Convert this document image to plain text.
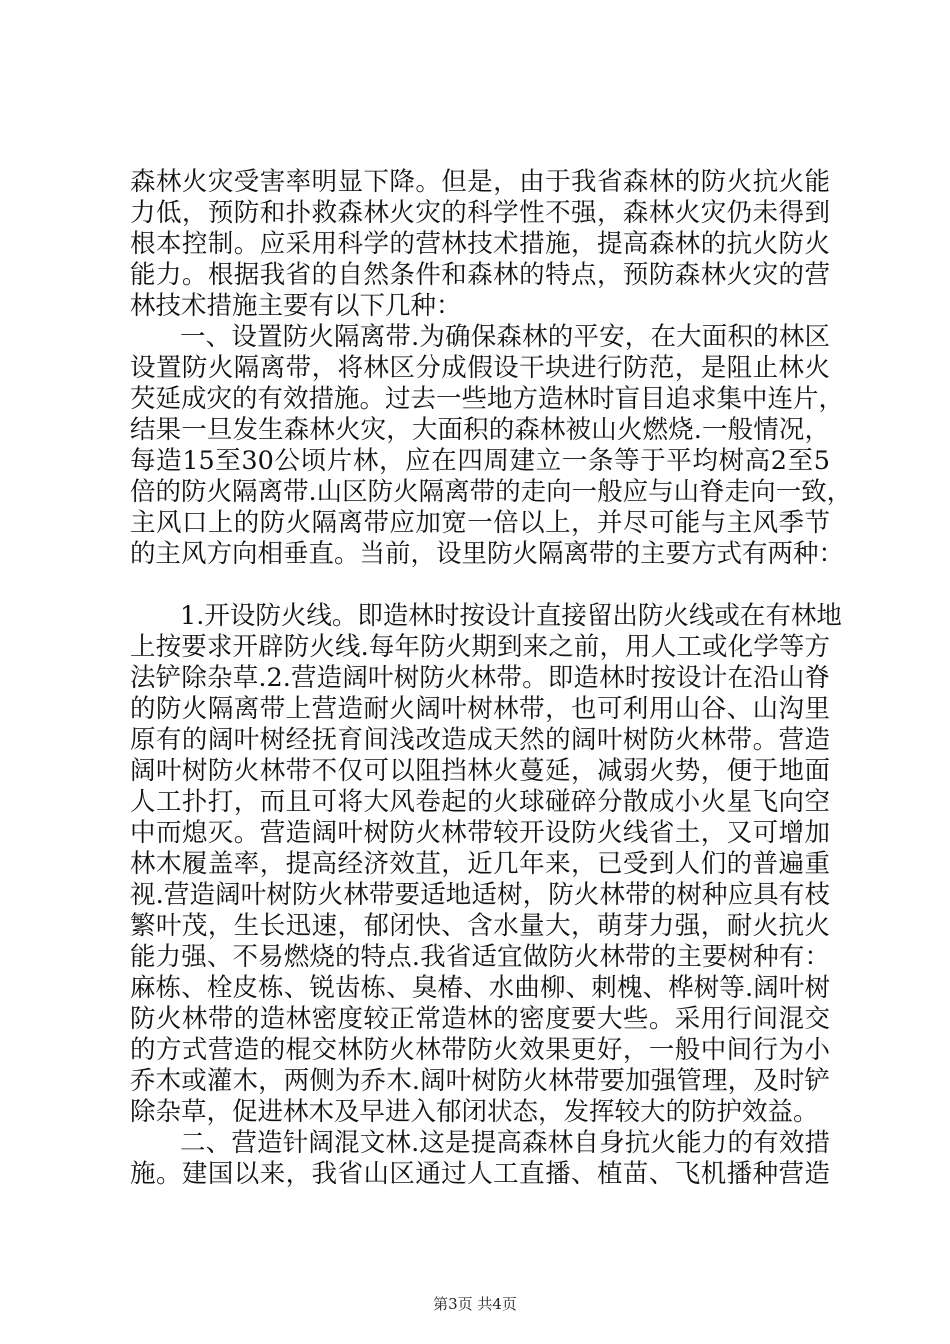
森林火灾受害率明显下降。但是，由于我省森林的防火抗火能
力低，预防和扑救森林火灾的科学性不强，森林火灾仍未得到
根本控制。应采用科学的营林技术措施，提高森林的抗火防火
能力。根据我省的自然条件和森林的特点，预防森林火灾的营
林技术措施主要有以下几种：
一、设置防火隔离带.为确保森林的平安，在大面积的林区
设置防火隔离带，将林区分成假设干块进行防范，是阻止林火
芡延成灾的有效措施。过去一些地方造林时盲目追求集中连片，
结果一旦发生森林火灾，大面积的森林被山火燃烧.一般情况，
每造15至30公顷片林，应在四周建立一条等于平均树高2至5
倍的防火隔离带.山区防火隔离带的走向一般应与山脊走向一致，
主风口上的防火隔离带应加宽一倍以上，并尽可能与主风季节
的主风方向相垂直。当前，设里防火隔离带的主要方式有两种：
1.开设防火线。即造林时按设计直接留出防火线或在有林地
上按要求开辟防火线.每年防火期到来之前，用人工或化学等方
法铲除杂草.2.营造阔叶树防火林带。即造林时按设计在沿山脊
的防火隔离带上营造耐火阔叶树林带，也可利用山谷、山沟里
原有的阔叶树经抚育间浅改造成天然的阔叶树防火林带。营造
阔叶树防火林带不仅可以阻挡林火蔓延，减弱火势，便于地面
人工扑打，而且可将大风卷起的火球碰碎分散成小火星飞向空
中而熄灭。营造阔叶树防火林带较开设防火线省土，又可增加
林木履盖率，提高经济效苴，近几年来，已受到人们的普遍重
视.营造阔叶树防火林带要适地适树，防火林带的树种应具有枝
繁叶茂，生长迅速，郁闭快、含水量大，萌芽力强，耐火抗火
能力强、不易燃烧的特点.我省适宜做防火林带的主要树种有：
麻栋、栓皮栋、锐齿栋、臭椿、水曲柳、刺槐、桦树等.阔叶树
防火林带的造林密度较正常造林的密度要大些。采用行间混交
的方式营造的棍交林防火林带防火效果更好，一般中间行为小
乔木或灌木，两侧为乔木.阔叶树防火林带要加强管理，及时铲
除杂草，促进林木及早进入郁闭状态，发挥较大的防护效益。
二、营造针阔混文林.这是提高森林自身抗火能力的有效措
施。建国以来，我省山区通过人工直播、植苗、飞机播种营造
第3页 共4页
